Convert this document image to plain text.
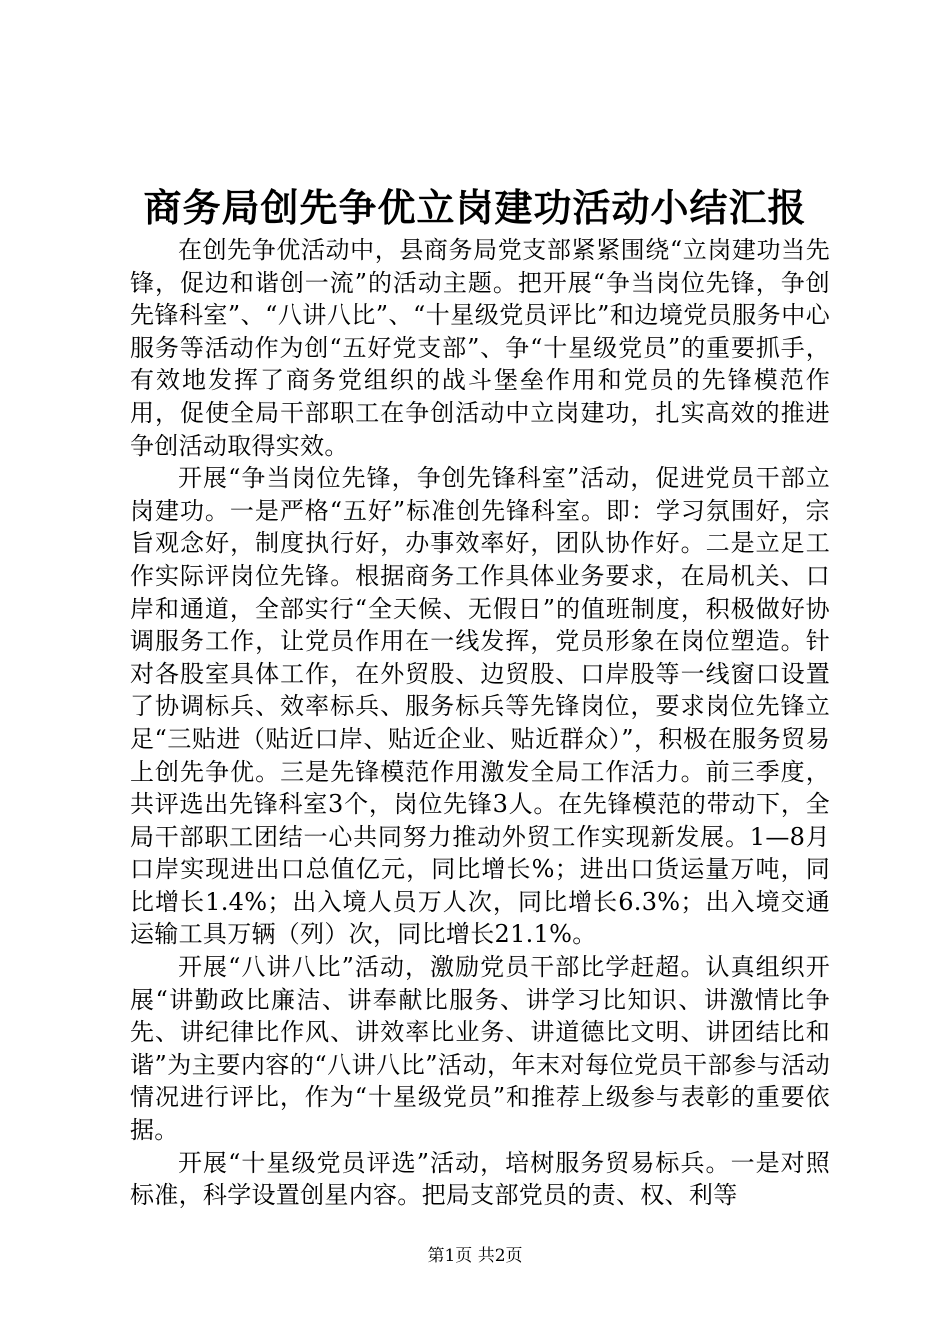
商务局创先争优立岗建功活动小结汇报

在创先争优活动中，县商务局党支部紧紧围绕“立岗建功当先锋，促边和谐创一流”的活动主题。把开展“争当岗位先锋，争创先锋科室”、“八讲八比”、“十星级党员评比”和边境党员服务中心服务等活动作为创“五好党支部”、争“十星级党员”的重要抓手，有效地发挥了商务党组织的战斗堡垒作用和党员的先锋模范作用，促使全局干部职工在争创活动中立岗建功，扎实高效的推进争创活动取得实效。

开展“争当岗位先锋，争创先锋科室”活动，促进党员干部立岗建功。一是严格“五好”标准创先锋科室。即：学习氛围好，宗旨观念好，制度执行好，办事效率好，团队协作好。二是立足工作实际评岗位先锋。根据商务工作具体业务要求，在局机关、口岸和通道，全部实行“全天候、无假日”的值班制度，积极做好协调服务工作，让党员作用在一线发挥，党员形象在岗位塑造。针对各股室具体工作，在外贸股、边贸股、口岸股等一线窗口设置了协调标兵、效率标兵、服务标兵等先锋岗位，要求岗位先锋立足“三贴进（贴近口岸、贴近企业、贴近群众）”，积极在服务贸易上创先争优。三是先锋模范作用激发全局工作活力。前三季度，共评选出先锋科室3个，岗位先锋3人。在先锋模范的带动下，全局干部职工团结一心共同努力推动外贸工作实现新发展。1—8月口岸实现进出口总值亿元，同比增长%；进出口货运量万吨，同比增长1.4%；出入境人员万人次，同比增长6.3%；出入境交通运输工具万辆（列）次，同比增长21.1%。

开展“八讲八比”活动，激励党员干部比学赶超。认真组织开展“讲勤政比廉洁、讲奉献比服务、讲学习比知识、讲激情比争先、讲纪律比作风、讲效率比业务、讲道德比文明、讲团结比和谐”为主要内容的“八讲八比”活动，年末对每位党员干部参与活动情况进行评比，作为“十星级党员”和推荐上级参与表彰的重要依据。

开展“十星级党员评选”活动，培树服务贸易标兵。一是对照标准，科学设置创星内容。把局支部党员的责、权、利等

第1页 共2页
